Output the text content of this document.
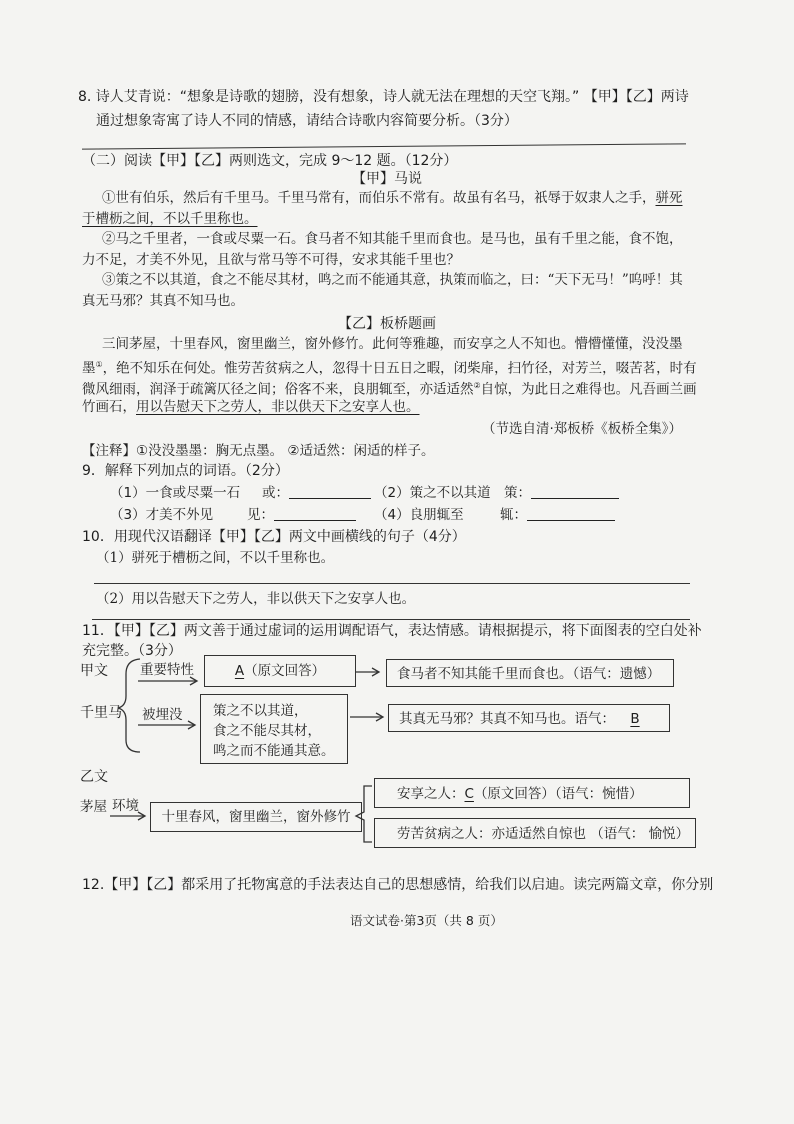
8. 诗人艾青说：“想象是诗歌的翅膀，没有想象，诗人就无法在理想的天空飞翔。” 【甲】【乙】两诗
通过想象寄寓了诗人不同的情感，请结合诗歌内容简要分析。（3分）
（二）阅读【甲】【乙】两则选文，完成 9～12 题。（12分）
【甲】马说
①世有伯乐，然后有千里马。千里马常有，而伯乐不常有。故虽有名马，祇辱于奴隶人之手，骈死
于槽枥之间，不以千里称也。
②马之千里者，一食或尽粟一石。食马者不知其能千里而食也。是马也，虽有千里之能，食不饱，
力不足，才美不外见，且欲与常马等不可得，安求其能千里也？
③策之不以其道，食之不能尽其材，鸣之而不能通其意，执策而临之，曰：“天下无马！”呜呼！其
真无马邪？其真不知马也。
【乙】板桥题画
三间茅屋，十里春风，窗里幽兰，窗外修竹。此何等雅趣，而安享之人不知也。懵懵懂懂，没没墨
墨①，绝不知乐在何处。惟劳苦贫病之人，忽得十日五日之暇，闭柴扉，扫竹径，对芳兰，啜苦茗，时有
微风细雨，润泽于疏篱仄径之间；俗客不来，良朋辄至，亦适适然②自惊，为此日之难得也。凡吾画兰画
竹画石，用以告慰天下之劳人，非以供天下之安享人也。
（节选自清·郑板桥《板桥全集》）
【注释】①没没墨墨：胸无点墨。 ②适适然：闲适的样子。
9．解释下列加点的词语。（2分）
（1）一食或尽粟一石 或：	（2）策之不以其道 策：
（3）才美不外见	见：	（4）良朋辄至	辄：
10．用现代汉语翻译【甲】【乙】两文中画横线的句子（4分）
（1）骈死于槽枥之间，不以千里称也。
（2）用以告慰天下之劳人，非以供天下之安享人也。
11．【甲】【乙】两文善于通过虚词的运用调配语气，表达情感。请根据提示，将下面图表的空白处补
充完整。（3分）
甲文
千里马
重要特性	A（原文回答）	食马者不知其能千里而食也。（语气：遗憾）
被埋没 策之不以其道，
食之不能尽其材，
鸣之而不能通其意。
其真无马邪？其真不知马也。语气： B
乙文
茅屋 环境
十里春风，窗里幽兰，窗外修竹
安享之人：C（原文回答）（语气：惋惜）
劳苦贫病之人：亦适适然自惊也 （语气： 愉悦）
12.【甲】【乙】都采用了托物寓意的手法表达自己的思想感情，给我们以启迪。读完两篇文章，你分别
语文试卷·第3页（共 8 页）
